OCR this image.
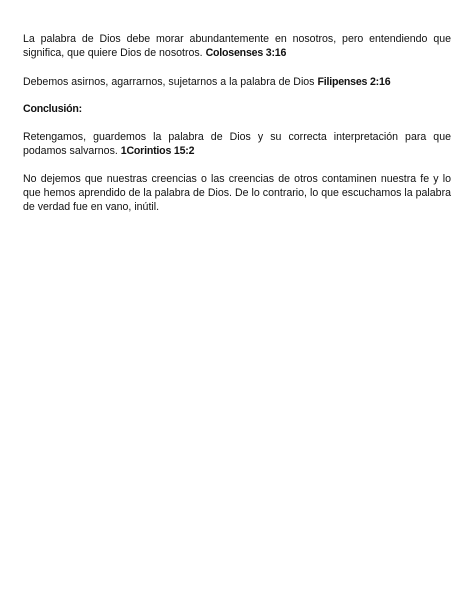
La palabra de Dios debe morar abundantemente en nosotros, pero entendiendo que significa, que quiere Dios de nosotros. Colosenses 3:16

Debemos asirnos, agarrarnos, sujetarnos a la palabra de Dios Filipenses 2:16

Conclusión:

Retengamos, guardemos la palabra de Dios y su correcta interpretación para que podamos salvarnos. 1Corintios 15:2

No dejemos que nuestras creencias o las creencias de otros contaminen nuestra fe y lo que hemos aprendido de la palabra de Dios. De lo contrario, lo que escuchamos la palabra de verdad fue en vano, inútil.
